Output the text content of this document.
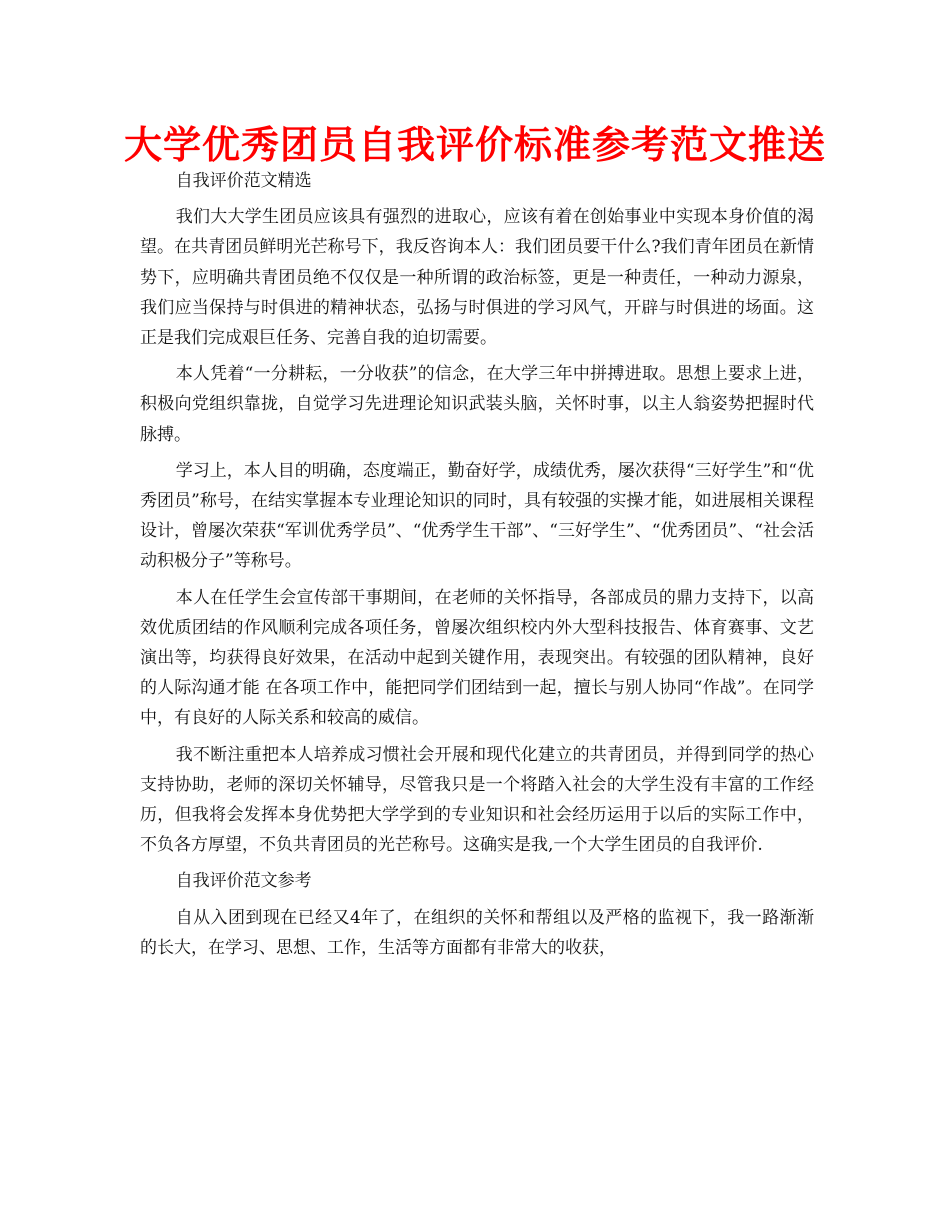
大学优秀团员自我评价标准参考范文推送

自我评价范文精选

我们大大学生团员应该具有强烈的进取心，应该有着在创始事业中实现本身价值的渴望。在共青团员鲜明光芒称号下，我反咨询本人：我们团员要干什么?我们青年团员在新情势下，应明确共青团员绝不仅仅是一种所谓的政治标签，更是一种责任，一种动力源泉，我们应当保持与时俱进的精神状态，弘扬与时俱进的学习风气，开辟与时俱进的场面。这正是我们完成艰巨任务、完善自我的迫切需要。

本人凭着“一分耕耘，一分收获”的信念，在大学三年中拼搏进取。思想上要求上进，积极向党组织靠拢，自觉学习先进理论知识武装头脑，关怀时事，以主人翁姿势把握时代脉搏。

学习上，本人目的明确，态度端正，勤奋好学，成绩优秀，屡次获得“三好学生”和“优秀团员”称号，在结实掌握本专业理论知识的同时，具有较强的实操才能，如进展相关课程设计，曾屡次荣获“军训优秀学员”、“优秀学生干部”、“三好学生”、“优秀团员”、“社会活动积极分子”等称号。

本人在任学生会宣传部干事期间，在老师的关怀指导，各部成员的鼎力支持下，以高效优质团结的作风顺利完成各项任务，曾屡次组织校内外大型科技报告、体育赛事、文艺演出等，均获得良好效果，在活动中起到关键作用，表现突出。有较强的团队精神，良好的人际沟通才能 在各项工作中，能把同学们团结到一起，擅长与别人协同“作战”。在同学中，有良好的人际关系和较高的威信。

我不断注重把本人培养成习惯社会开展和现代化建立的共青团员，并得到同学的热心支持协助，老师的深切关怀辅导，尽管我只是一个将踏入社会的大学生没有丰富的工作经历，但我将会发挥本身优势把大学学到的专业知识和社会经历运用于以后的实际工作中，不负各方厚望，不负共青团员的光芒称号。这确实是我,一个大学生团员的自我评价.

自我评价范文参考

自从入团到现在已经又4年了，在组织的关怀和帮组以及严格的监视下，我一路渐渐的长大，在学习、思想、工作，生活等方面都有非常大的收获，
